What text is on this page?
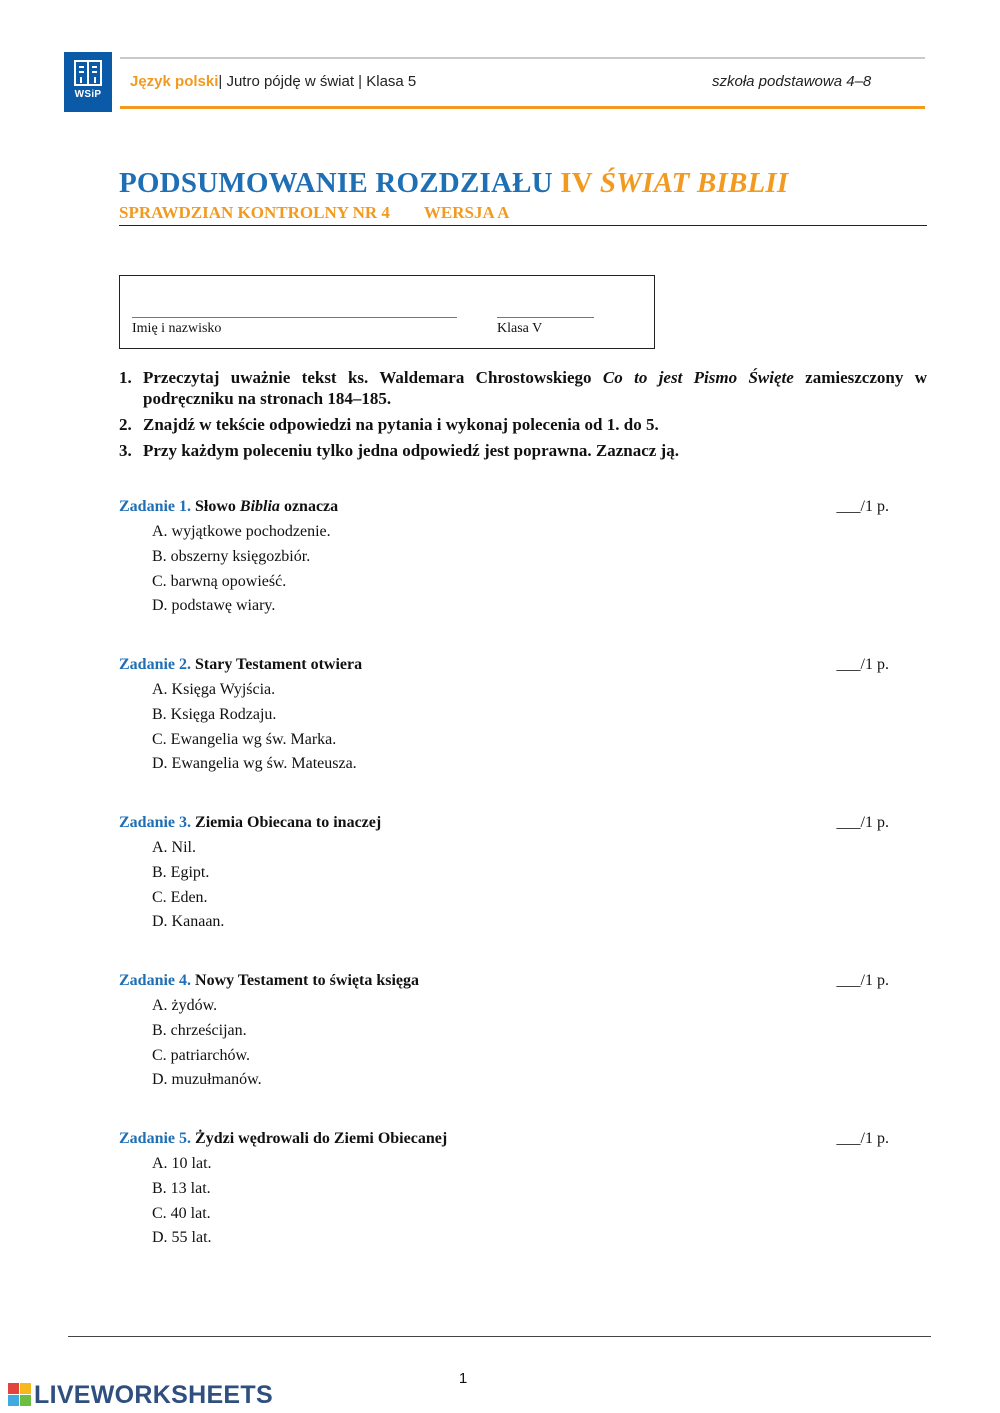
WSiP
Język polski| Jutro pójdę w świat | Klasa 5	szkoła podstawowa 4–8
PODSUMOWANIE ROZDZIAŁU IV ŚWIAT BIBLII
SPRAWDZIAN KONTROLNY NR 4 WERSJA A
Imię i nazwisko	Klasa V
1. Przeczytaj uważnie tekst ks. Waldemara Chrostowskiego Co to jest Pismo Święte zamieszczony w podręczniku na stronach 184–185.
2. Znajdź w tekście odpowiedzi na pytania i wykonaj polecenia od 1. do 5.
3. Przy każdym poleceniu tylko jedna odpowiedź jest poprawna. Zaznacz ją.
Zadanie 1. Słowo Biblia oznacza	___/1 p.
A. wyjątkowe pochodzenie.
B. obszerny księgozbiór.
C. barwną opowieść.
D. podstawę wiary.
Zadanie 2. Stary Testament otwiera	___/1 p.
A. Księga Wyjścia.
B. Księga Rodzaju.
C. Ewangelia wg św. Marka.
D. Ewangelia wg św. Mateusza.
Zadanie 3. Ziemia Obiecana to inaczej	___/1 p.
A. Nil.
B. Egipt.
C. Eden.
D. Kanaan.
Zadanie 4. Nowy Testament to święta księga	___/1 p.
A. żydów.
B. chrześcijan.
C. patriarchów.
D. muzułmanów.
Zadanie 5. Żydzi wędrowali do Ziemi Obiecanej	___/1 p.
A. 10 lat.
B. 13 lat.
C. 40 lat.
D. 55 lat.
1
LIVEWORKSHEETS
